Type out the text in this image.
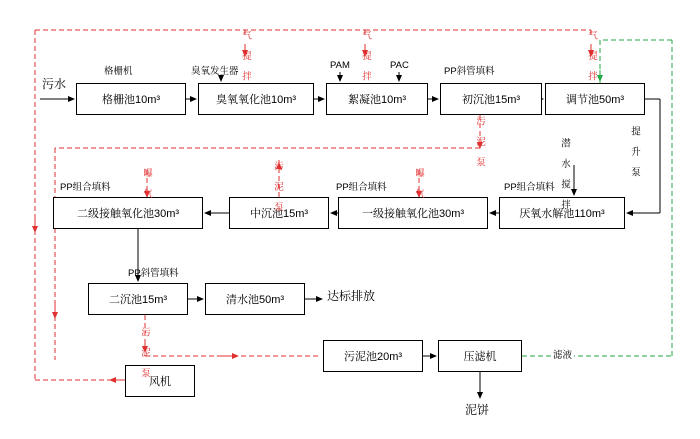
格栅池10m³	臭氧氧化池10m³	絮凝池10m³	初沉池15m³	调节池50m³
厌氧水解池110m³
一级接触氧化池30m³
中沉池15m³
二级接触氧化池30m³
二沉池15m³	清水池50m³
污泥池20m³	压滤机
风机
污水
格栅机	臭氧发生器
PAM	PAC
PP斜管填料
气 提 拌	气 提 拌	气 提 拌
污 泥 泵	提 升 泵
潜 水 搅 拌
PP组合填料
曝 气
PP组合填料
污 泥 泵
曝 气
PP组合填料
PP斜管填料
达标排放
污 泥 泵	滤液
泥饼
